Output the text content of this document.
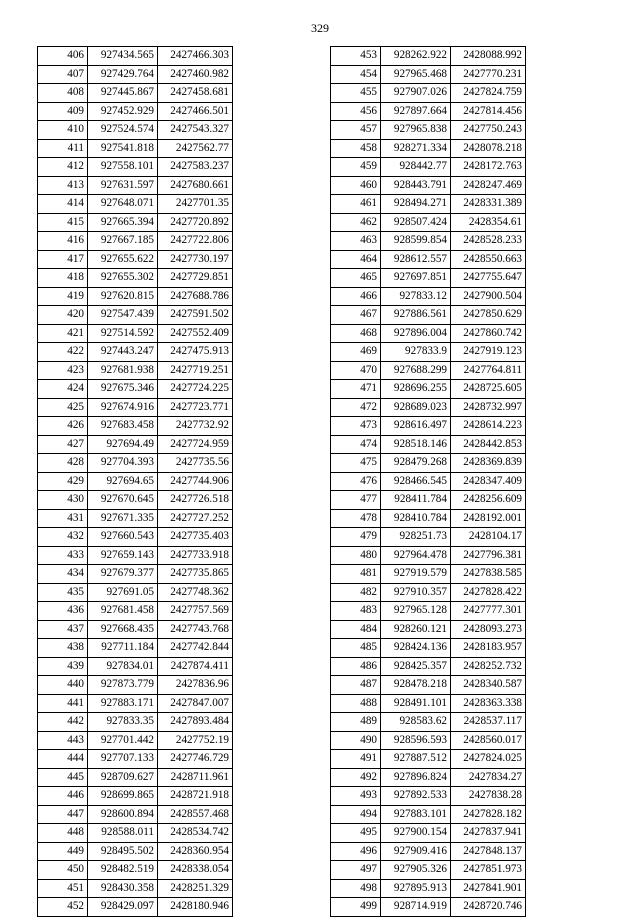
329
406	927434.565	2427466.303
407	927429.764	2427460.982
408	927445.867	2427458.681
409	927452.929	2427466.501
410	927524.574	2427543.327
411	927541.818	2427562.77
412	927558.101	2427583.237
413	927631.597	2427680.661
414	927648.071	2427701.35
415	927665.394	2427720.892
416	927667.185	2427722.806
417	927655.622	2427730.197
418	927655.302	2427729.851
419	927620.815	2427688.786
420	927547.439	2427591.502
421	927514.592	2427552.409
422	927443.247	2427475.913
423	927681.938	2427719.251
424	927675.346	2427724.225
425	927674.916	2427723.771
426	927683.458	2427732.92
427	927694.49	2427724.959
428	927704.393	2427735.56
429	927694.65	2427744.906
430	927670.645	2427726.518
431	927671.335	2427727.252
432	927660.543	2427735.403
433	927659.143	2427733.918
434	927679.377	2427735.865
435	927691.05	2427748.362
436	927681.458	2427757.569
437	927668.435	2427743.768
438	927711.184	2427742.844
439	927834.01	2427874.411
440	927873.779	2427836.96
441	927883.171	2427847.007
442	927833.35	2427893.484
443	927701.442	2427752.19
444	927707.133	2427746.729
445	928709.627	2428711.961
446	928699.865	2428721.918
447	928600.894	2428557.468
448	928588.011	2428534.742
449	928495.502	2428360.954
450	928482.519	2428338.054
451	928430.358	2428251.329
452	928429.097	2428180.946
453	928262.922	2428088.992
454	927965.468	2427770.231
455	927907.026	2427824.759
456	927897.664	2427814.456
457	927965.838	2427750.243
458	928271.334	2428078.218
459	928442.77	2428172.763
460	928443.791	2428247.469
461	928494.271	2428331.389
462	928507.424	2428354.61
463	928599.854	2428528.233
464	928612.557	2428550.663
465	927697.851	2427755.647
466	927833.12	2427900.504
467	927886.561	2427850.629
468	927896.004	2427860.742
469	927833.9	2427919.123
470	927688.299	2427764.811
471	928696.255	2428725.605
472	928689.023	2428732.997
473	928616.497	2428614.223
474	928518.146	2428442.853
475	928479.268	2428369.839
476	928466.545	2428347.409
477	928411.784	2428256.609
478	928410.784	2428192.001
479	928251.73	2428104.17
480	927964.478	2427796.381
481	927919.579	2427838.585
482	927910.357	2427828.422
483	927965.128	2427777.301
484	928260.121	2428093.273
485	928424.136	2428183.957
486	928425.357	2428252.732
487	928478.218	2428340.587
488	928491.101	2428363.338
489	928583.62	2428537.117
490	928596.593	2428560.017
491	927887.512	2427824.025
492	927896.824	2427834.27
493	927892.533	2427838.28
494	927883.101	2427828.182
495	927900.154	2427837.941
496	927909.416	2427848.137
497	927905.326	2427851.973
498	927895.913	2427841.901
499	928714.919	2428720.746
